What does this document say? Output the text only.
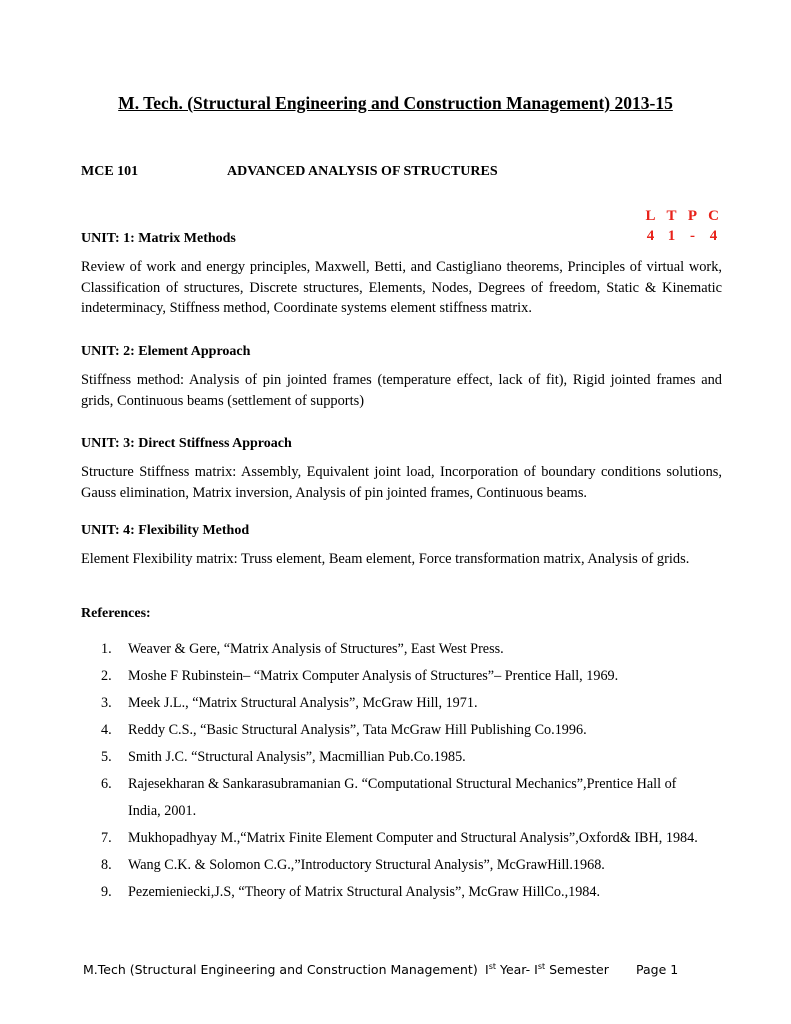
M. Tech. (Structural Engineering and Construction Management) 2013-15
MCE 101	ADVANCED ANALYSIS OF STRUCTURES
L T P C
4 1 - 4
UNIT: 1: Matrix Methods

Review of work and energy principles, Maxwell, Betti, and Castigliano theorems, Principles of virtual work, Classification of structures, Discrete structures, Elements, Nodes, Degrees of freedom, Static & Kinematic indeterminacy, Stiffness method, Coordinate systems element stiffness matrix.

UNIT: 2: Element Approach

Stiffness method: Analysis of pin jointed frames (temperature effect, lack of fit), Rigid jointed frames and grids, Continuous beams (settlement of supports)

UNIT: 3: Direct Stiffness Approach

Structure Stiffness matrix: Assembly, Equivalent joint load, Incorporation of boundary conditions solutions, Gauss elimination, Matrix inversion, Analysis of pin jointed frames, Continuous beams.

UNIT: 4: Flexibility Method

Element Flexibility matrix: Truss element, Beam element, Force transformation matrix, Analysis of grids.

References:
1.	Weaver & Gere, “Matrix Analysis of Structures”, East West Press.
2.	Moshe F Rubinstein– “Matrix Computer Analysis of Structures”– Prentice Hall, 1969.
3.	Meek J.L., “Matrix Structural Analysis”, McGraw Hill, 1971.
4.	Reddy C.S., “Basic Structural Analysis”, Tata McGraw Hill Publishing Co.1996.
5.	Smith J.C. “Structural Analysis”, Macmillian Pub.Co.1985.
6.	Rajesekharan & Sankarasubramanian G. “Computational Structural Mechanics”,Prentice Hall of India, 2001.
7.	Mukhopadhyay M.,“Matrix Finite Element Computer and Structural Analysis”,Oxford& IBH, 1984.
8.	Wang C.K. & Solomon C.G.,”Introductory Structural Analysis”, McGrawHill.1968.
9.	Pezemieniecki,J.S, “Theory of Matrix Structural Analysis”, McGraw HillCo.,1984.
M.Tech (Structural Engineering and Construction Management) Ist Year- Ist Semester Page 1
